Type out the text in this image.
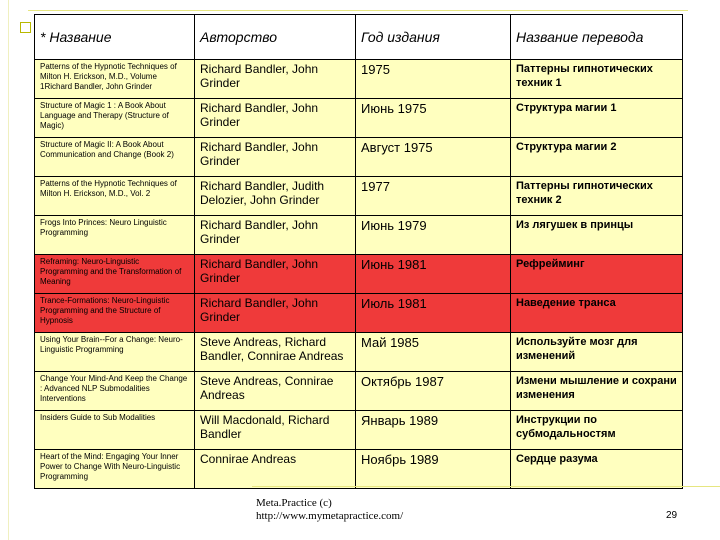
* Название	Авторство	Год издания	Название перевода
Patterns of the Hypnotic Techniques of Milton H. Erickson, M.D., Volume 1Richard Bandler, John Grinder	Richard Bandler, John Grinder	1975	Паттерны гипнотических техник 1
Structure of Magic 1 : A Book About Language and Therapy (Structure of Magic)	Richard Bandler, John Grinder	Июнь 1975	Структура магии 1
Structure of Magic II: A Book About Communication and Change (Book 2)	Richard Bandler, John Grinder	Август 1975	Структура магии 2
Patterns of the Hypnotic Techniques of Milton H. Erickson, M.D., Vol. 2	Richard Bandler, Judith Delozier, John Grinder	1977	Паттерны гипнотических техник 2
Frogs Into Princes: Neuro Linguistic Programming	Richard Bandler, John Grinder	Июнь 1979	Из лягушек в принцы
Reframing: Neuro-Linguistic Programming and the Transformation of Meaning	Richard Bandler, John Grinder	Июнь 1981	Рефрейминг
Trance-Formations: Neuro-Linguistic Programming and the Structure of Hypnosis	Richard Bandler, John Grinder	Июль 1981	Наведение транса
Using Your Brain--For a Change: Neuro-Linguistic Programming	Steve Andreas, Richard Bandler, Connirae Andreas	Май 1985	Используйте мозг для изменений
Change Your Mind-And Keep the Change : Advanced NLP Submodalities Interventions	Steve Andreas, Connirae Andreas	Октябрь 1987	Измени мышление и сохрани изменения
Insiders Guide to Sub Modalities	Will Macdonald, Richard Bandler	Январь 1989	Инструкции по субмодальностям
Heart of the Mind: Engaging Your Inner Power to Change With Neuro-Linguistic Programming	Connirae Andreas	Ноябрь 1989	Сердце разума
Meta.Practice (c)
http://www.mymetapractice.com/	29
